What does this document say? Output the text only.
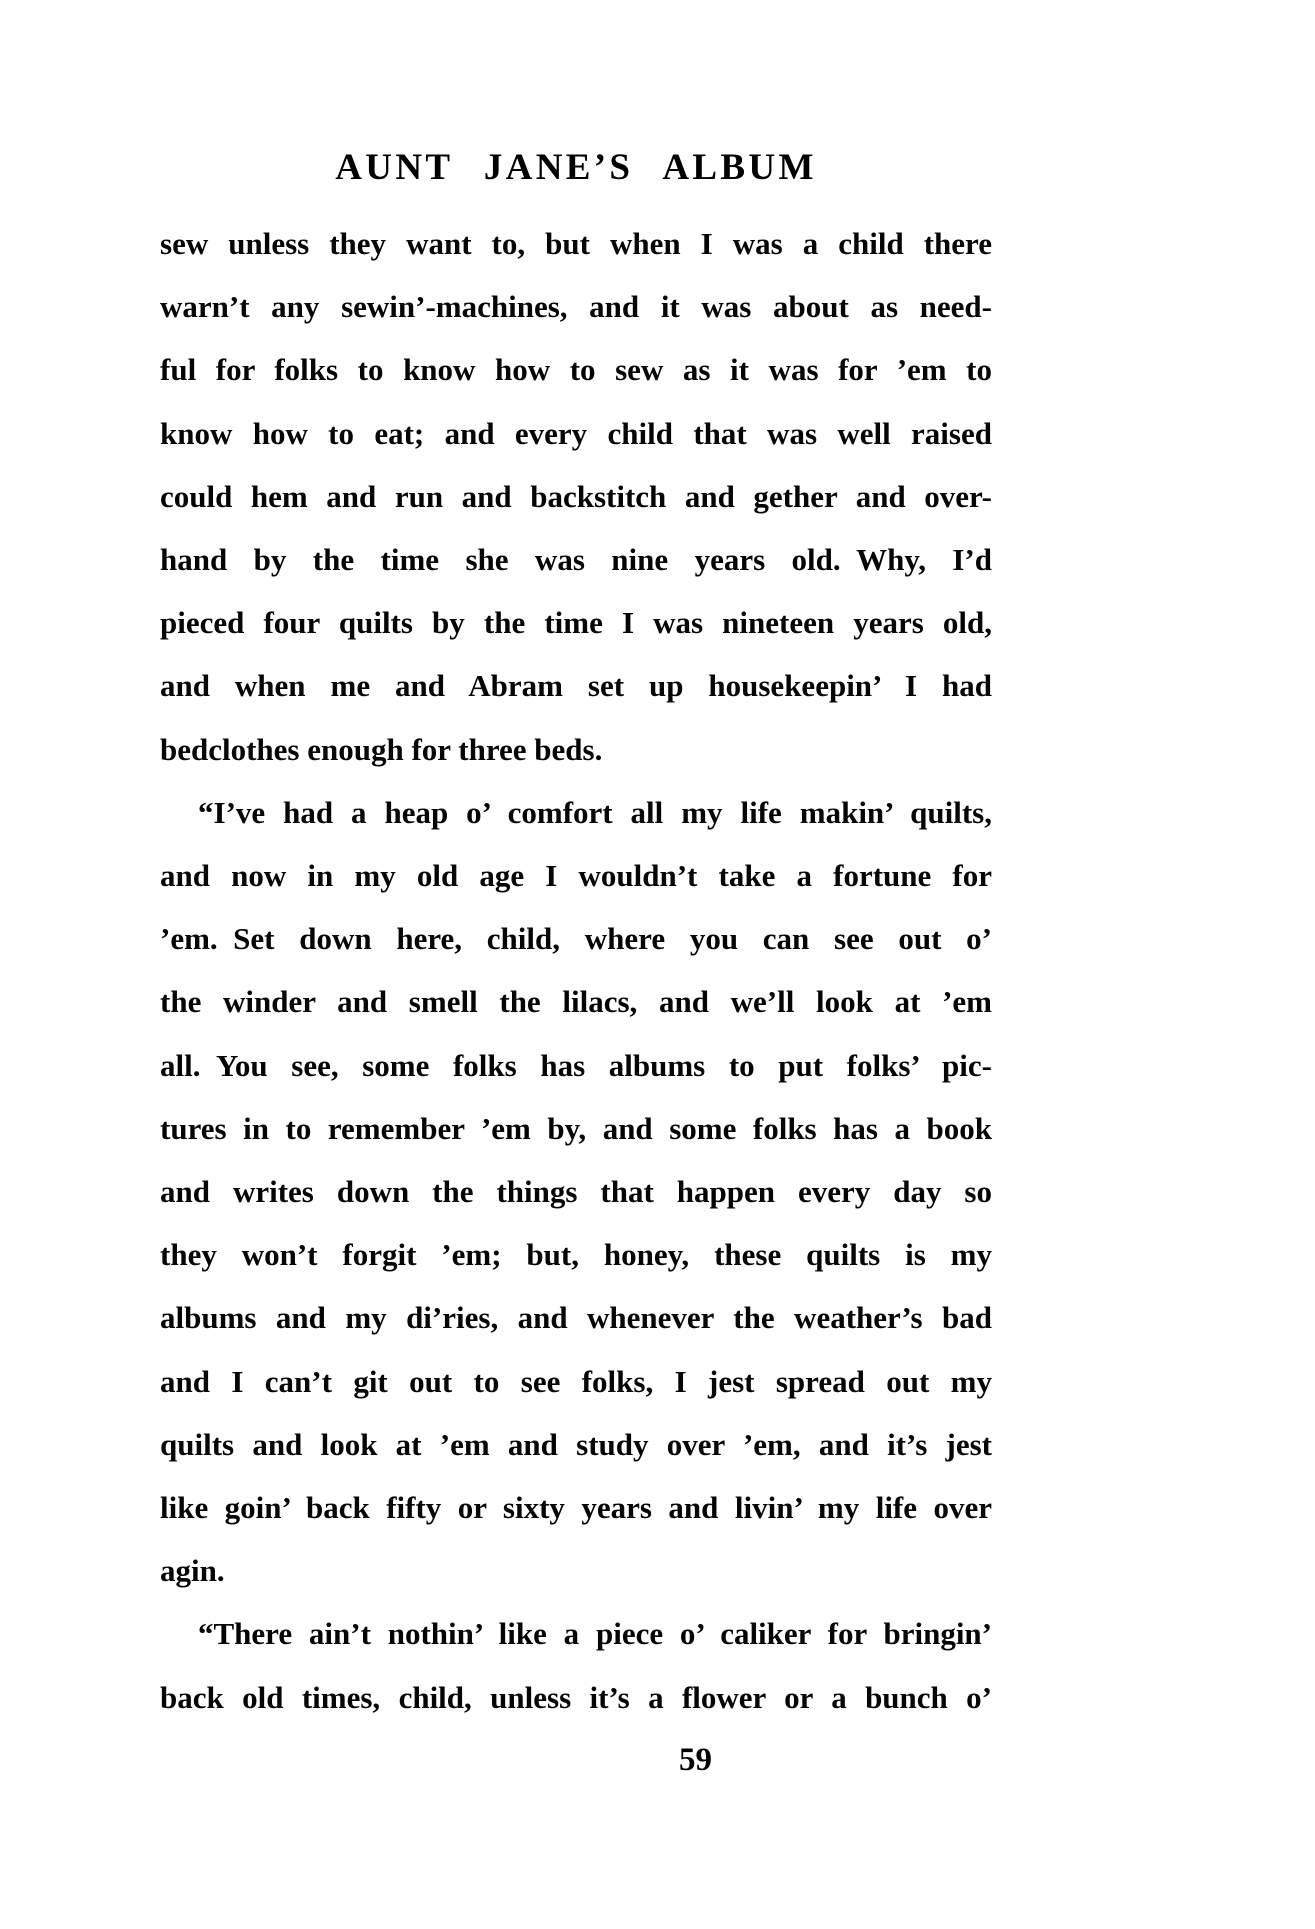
AUNT JANE’S ALBUM
sew unless they want to, but when I was a child there
warn’t any sewin’-machines, and it was about as need-
ful for folks to know how to sew as it was for ’em to
know how to eat; and every child that was well raised
could hem and run and backstitch and gether and over-
hand by the time she was nine years old. Why, I’d
pieced four quilts by the time I was nineteen years old,
and when me and Abram set up housekeepin’ I had
bedclothes enough for three beds.
“I’ve had a heap o’ comfort all my life makin’ quilts,
and now in my old age I wouldn’t take a fortune for
’em. Set down here, child, where you can see out o’
the winder and smell the lilacs, and we’ll look at ’em
all. You see, some folks has albums to put folks’ pic-
tures in to remember ’em by, and some folks has a book
and writes down the things that happen every day so
they won’t forgit ’em; but, honey, these quilts is my
albums and my di’ries, and whenever the weather’s bad
and I can’t git out to see folks, I jest spread out my
quilts and look at ’em and study over ’em, and it’s jest
like goin’ back fifty or sixty years and livin’ my life over
agin.
“There ain’t nothin’ like a piece o’ caliker for bringin’
back old times, child, unless it’s a flower or a bunch o’
59
